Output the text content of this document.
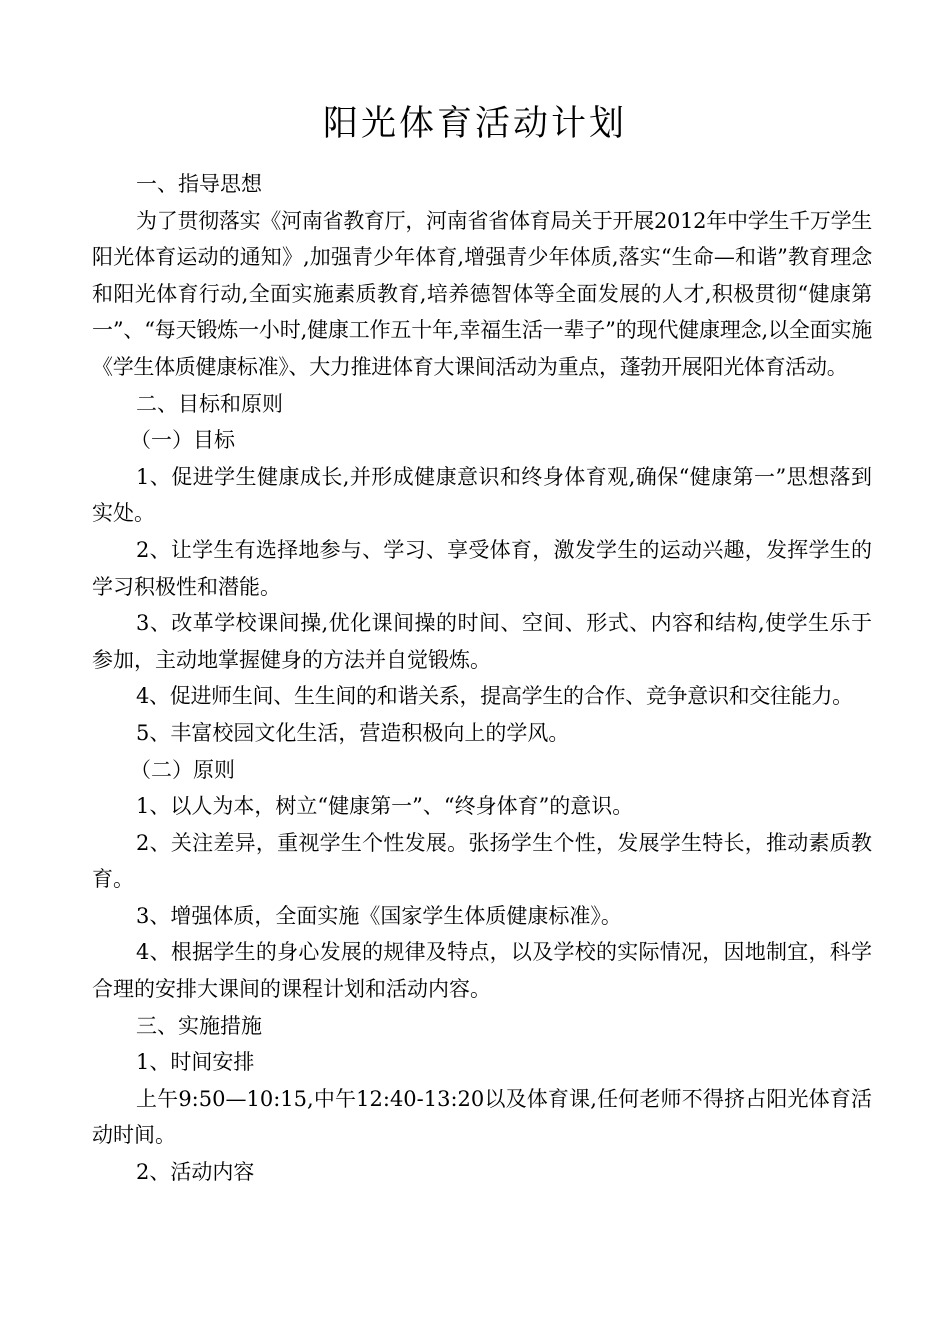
阳光体育活动计划

一、指导思想

为了贯彻落实《河南省教育厅，河南省省体育局关于开展2012年中学生千万学生阳光体育运动的通知》,加强青少年体育,增强青少年体质,落实“生命—和谐”教育理念和阳光体育行动,全面实施素质教育,培养德智体等全面发展的人才,积极贯彻“健康第一”、“每天锻炼一小时,健康工作五十年,幸福生活一辈子”的现代健康理念,以全面实施《学生体质健康标准》、大力推进体育大课间活动为重点，蓬勃开展阳光体育活动。

二、目标和原则

（一）目标

1、促进学生健康成长,并形成健康意识和终身体育观,确保“健康第一”思想落到实处。

2、让学生有选择地参与、学习、享受体育，激发学生的运动兴趣，发挥学生的学习积极性和潜能。

3、改革学校课间操,优化课间操的时间、空间、形式、内容和结构,使学生乐于参加，主动地掌握健身的方法并自觉锻炼。

4、促进师生间、生生间的和谐关系，提高学生的合作、竞争意识和交往能力。

5、丰富校园文化生活，营造积极向上的学风。

（二）原则

1、以人为本，树立“健康第一”、“终身体育”的意识。

2、关注差异，重视学生个性发展。张扬学生个性，发展学生特长，推动素质教育。

3、增强体质，全面实施《国家学生体质健康标准》。

4、根据学生的身心发展的规律及特点，以及学校的实际情况，因地制宜，科学合理的安排大课间的课程计划和活动内容。

三、实施措施

1、时间安排

上午9:50—10:15,中午12:40-13:20以及体育课,任何老师不得挤占阳光体育活动时间。

2、活动内容
